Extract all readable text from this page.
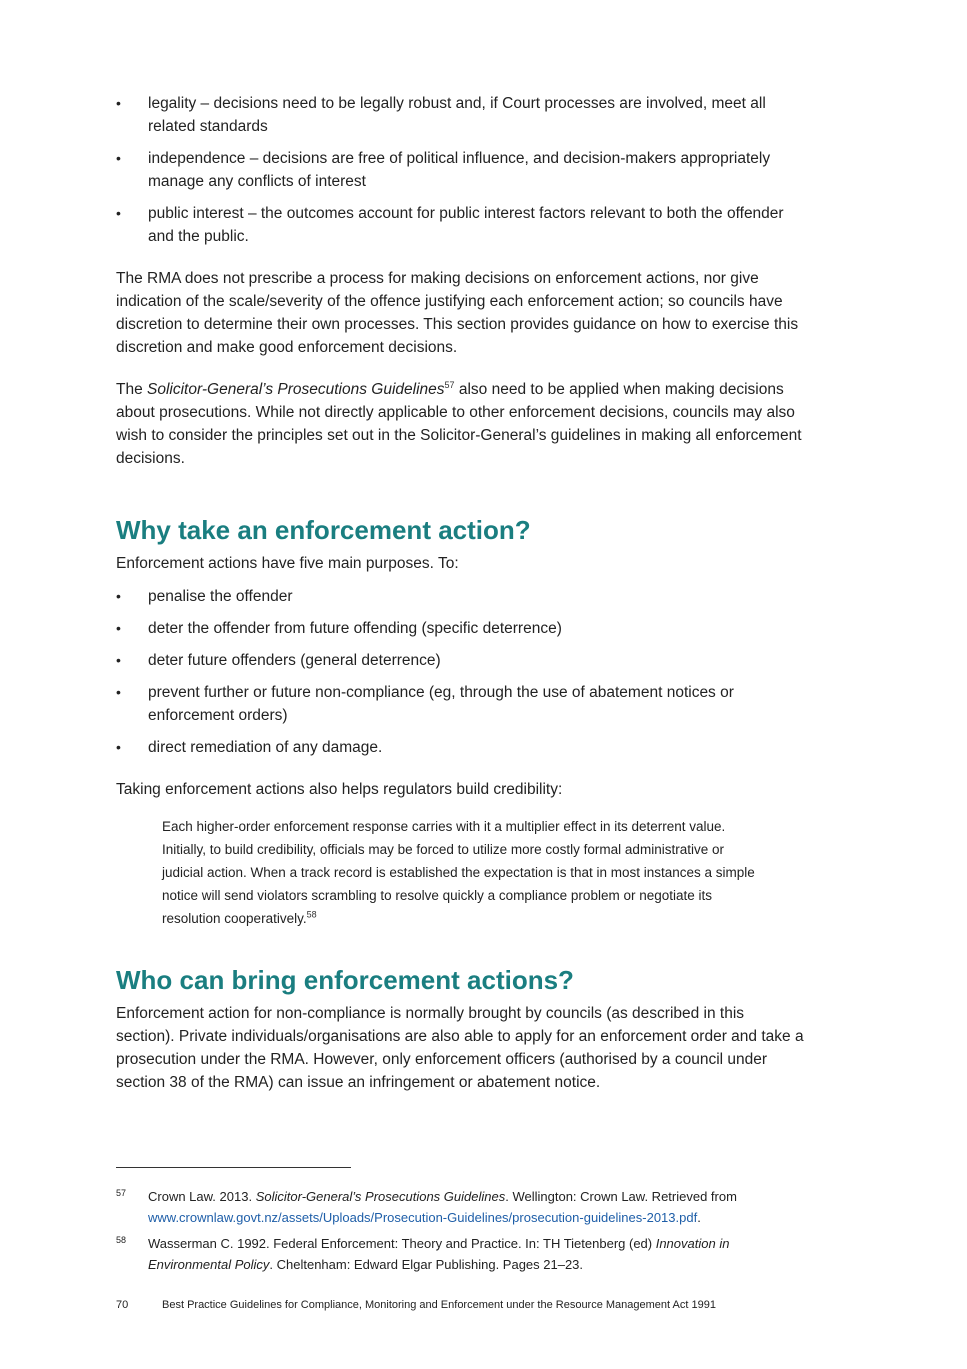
• legality – decisions need to be legally robust and, if Court processes are involved, meet all related standards
• independence – decisions are free of political influence, and decision-makers appropriately manage any conflicts of interest
• public interest – the outcomes account for public interest factors relevant to both the offender and the public.

The RMA does not prescribe a process for making decisions on enforcement actions, nor give indication of the scale/severity of the offence justifying each enforcement action; so councils have discretion to determine their own processes. This section provides guidance on how to exercise this discretion and make good enforcement decisions.

The Solicitor-General’s Prosecutions Guidelines$^{57}$ also need to be applied when making decisions about prosecutions. While not directly applicable to other enforcement decisions, councils may also wish to consider the principles set out in the Solicitor-General’s guidelines in making all enforcement decisions.

Why take an enforcement action?

Enforcement actions have five main purposes. To:

• penalise the offender
• deter the offender from future offending (specific deterrence)
• deter future offenders (general deterrence)
• prevent further or future non-compliance (eg, through the use of abatement notices or enforcement orders)
• direct remediation of any damage.

Taking enforcement actions also helps regulators build credibility:

Each higher-order enforcement response carries with it a multiplier effect in its deterrent value. Initially, to build credibility, officials may be forced to utilize more costly formal administrative or judicial action. When a track record is established the expectation is that in most instances a simple notice will send violators scrambling to resolve quickly a compliance problem or negotiate its resolution cooperatively.$^{58}$
Who can bring enforcement actions?

Enforcement action for non-compliance is normally brought by councils (as described in this section). Private individuals/organisations are also able to apply for an enforcement order and take a prosecution under the RMA. However, only enforcement officers (authorised by a council under section 38 of the RMA) can issue an infringement or abatement notice.

57 Crown Law. 2013. Solicitor-General’s Prosecutions Guidelines. Wellington: Crown Law. Retrieved from www.crownlaw.govt.nz/assets/Uploads/Prosecution-Guidelines/prosecution-guidelines-2013.pdf.
58 Wasserman C. 1992. Federal Enforcement: Theory and Practice. In: TH Tietenberg (ed) Innovation in Environmental Policy. Cheltenham: Edward Elgar Publishing. Pages 21–23.
70	Best Practice Guidelines for Compliance, Monitoring and Enforcement under the Resource Management Act 1991
